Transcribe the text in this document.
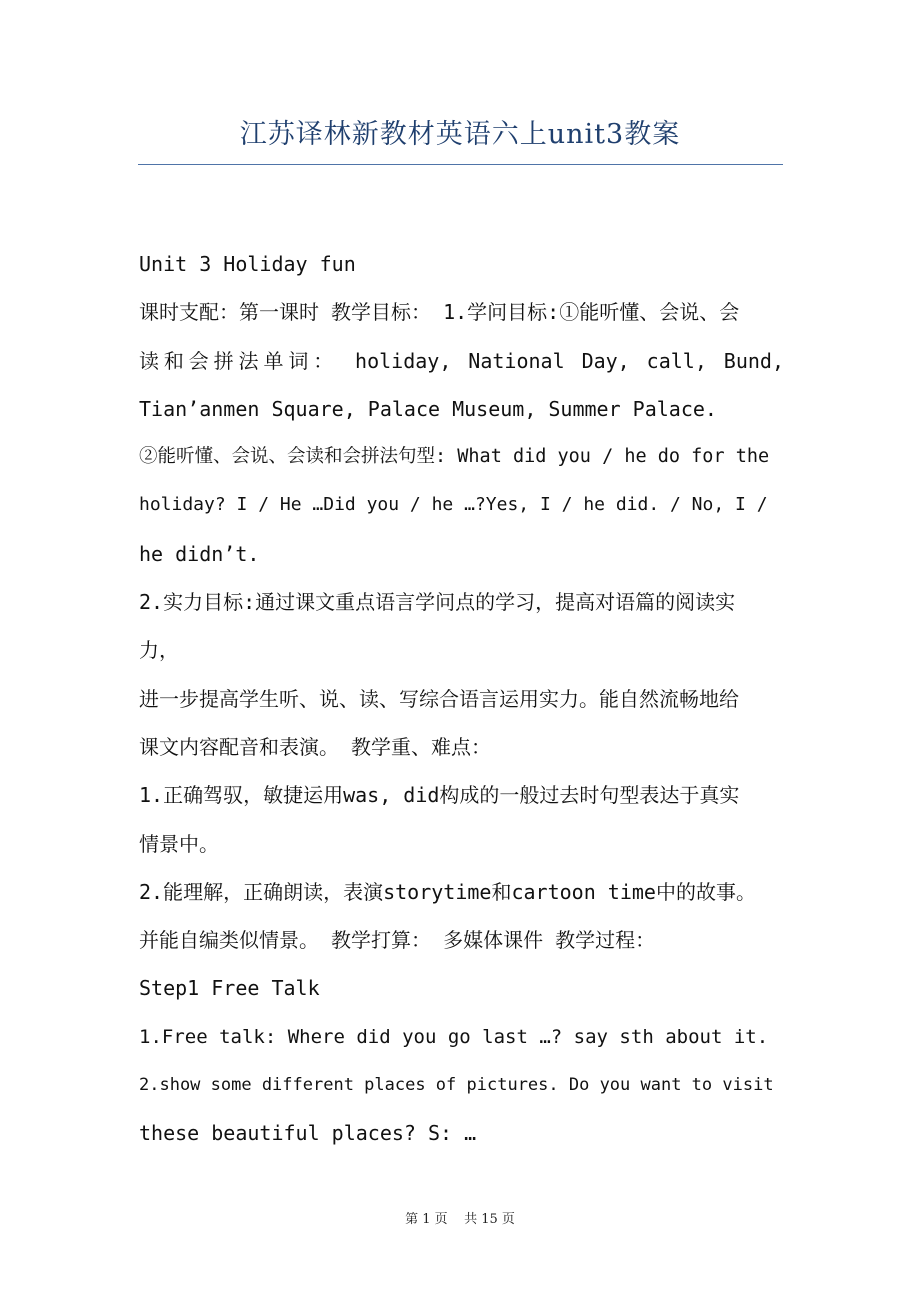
江苏译林新教材英语六上unit3教案

Unit 3 Holiday fun

课时支配：第一课时 教学目标： 1.学问目标:①能听懂、会说、会

读和会拼法单词： holiday, National Day, call, Bund,

Tian’anmen Square, Palace Museum, Summer Palace.

②能听懂、会说、会读和会拼法句型: What did you / he do for the

holiday? I / He …Did you / he …?Yes, I / he did. / No, I /

he didn’t.

2.实力目标:通过课文重点语言学问点的学习，提高对语篇的阅读实

力，

进一步提高学生听、说、读、写综合语言运用实力。能自然流畅地给

课文内容配音和表演。 教学重、难点：

1.正确驾驭，敏捷运用was, did构成的一般过去时句型表达于真实

情景中。

2.能理解，正确朗读，表演storytime和cartoon time中的故事。

并能自编类似情景。 教学打算： 多媒体课件 教学过程：

Step1 Free Talk

1.Free talk: Where did you go last …? say sth about it.

2.show some different places of pictures. Do you want to visit

these beautiful places? S: …

第 1 页    共 15 页
